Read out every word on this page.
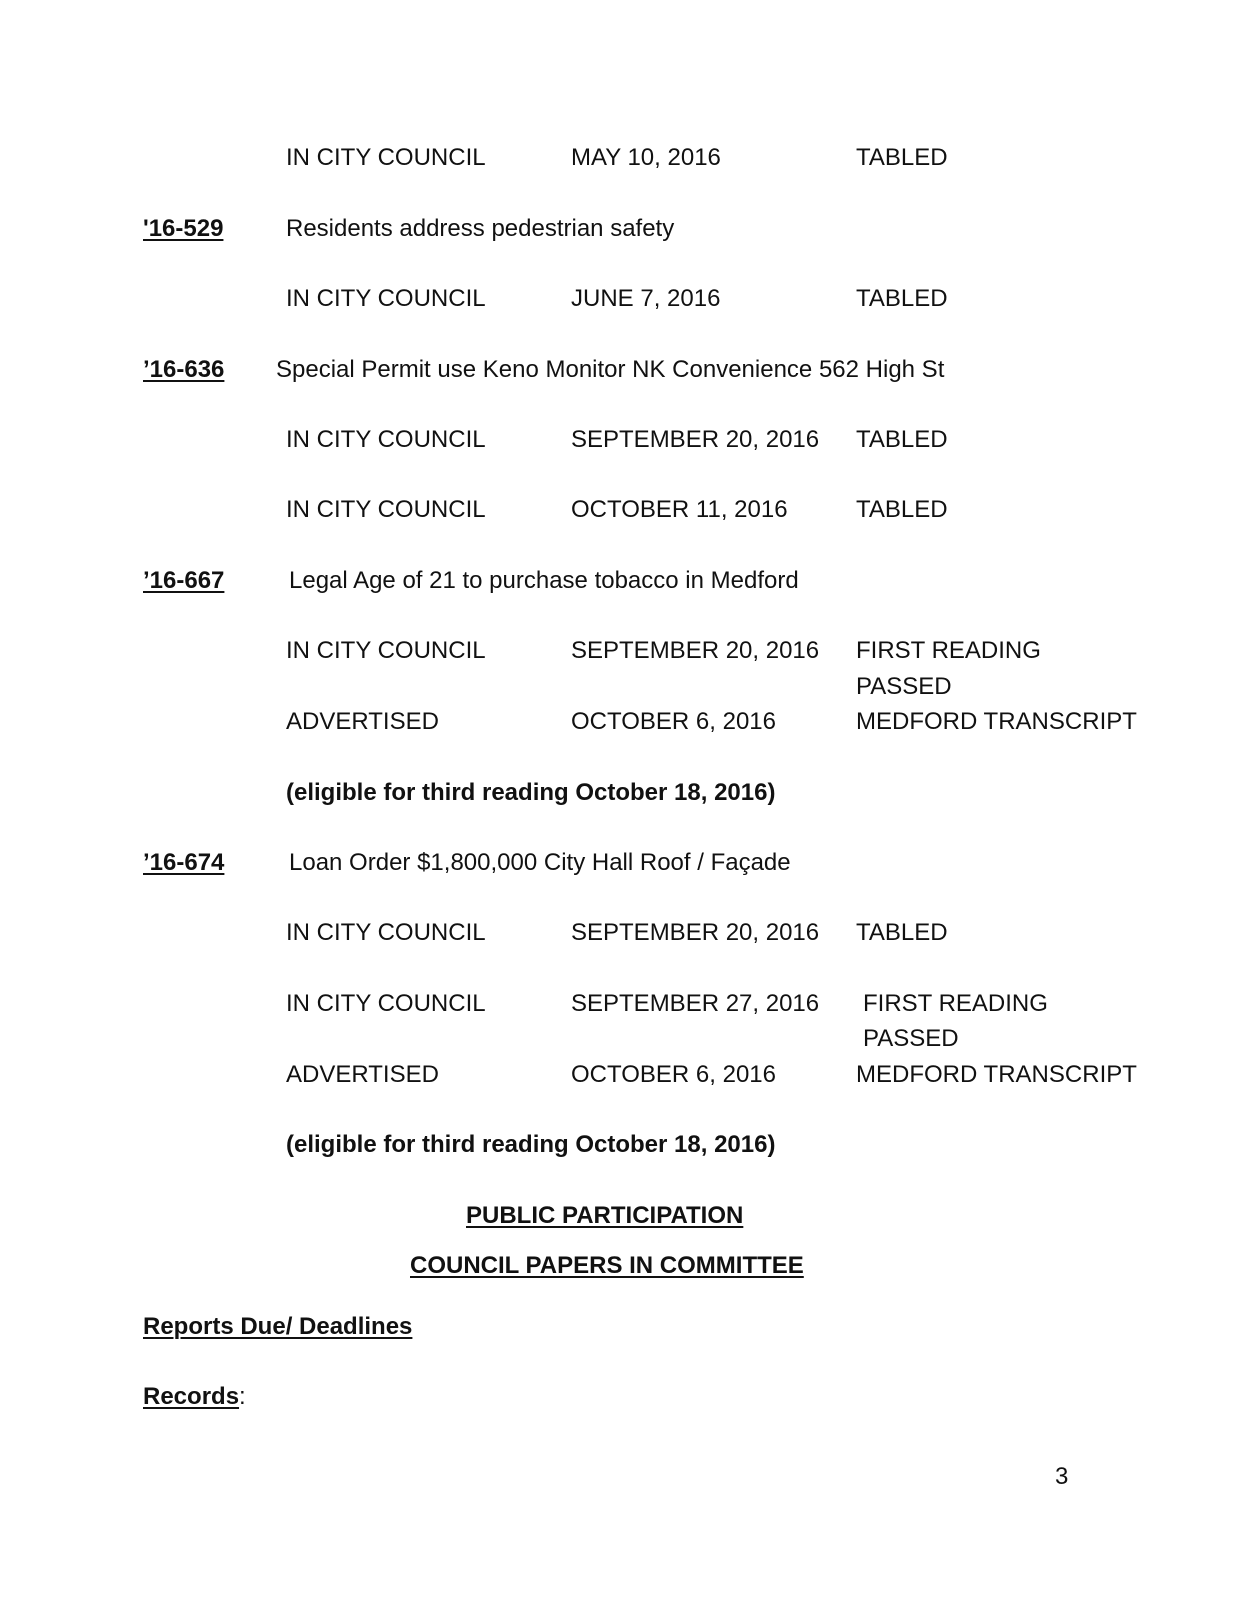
IN CITY COUNCIL	MAY 10, 2016	TABLED
'16-529	Residents address pedestrian safety
IN CITY COUNCIL	JUNE 7, 2016	TABLED
’16-636 Special Permit use Keno Monitor NK Convenience 562 High St
IN CITY COUNCIL	SEPTEMBER 20, 2016 TABLED
IN CITY COUNCIL	OCTOBER 11, 2016	TABLED
’16-667	Legal Age of 21 to purchase tobacco in Medford
IN CITY COUNCIL	SEPTEMBER 20, 2016 FIRST READING
PASSED
ADVERTISED	OCTOBER 6, 2016	MEDFORD TRANSCRIPT
(eligible for third reading October 18, 2016)
’16-674	Loan Order $1,800,000 City Hall Roof / Façade
IN CITY COUNCIL	SEPTEMBER 20, 2016 TABLED
IN CITY COUNCIL	SEPTEMBER 27, 2016 FIRST READING
PASSED
ADVERTISED	OCTOBER 6, 2016	MEDFORD TRANSCRIPT
(eligible for third reading October 18, 2016)
PUBLIC PARTICIPATION
COUNCIL PAPERS IN COMMITTEE
Reports Due/ Deadlines
Records:
3
